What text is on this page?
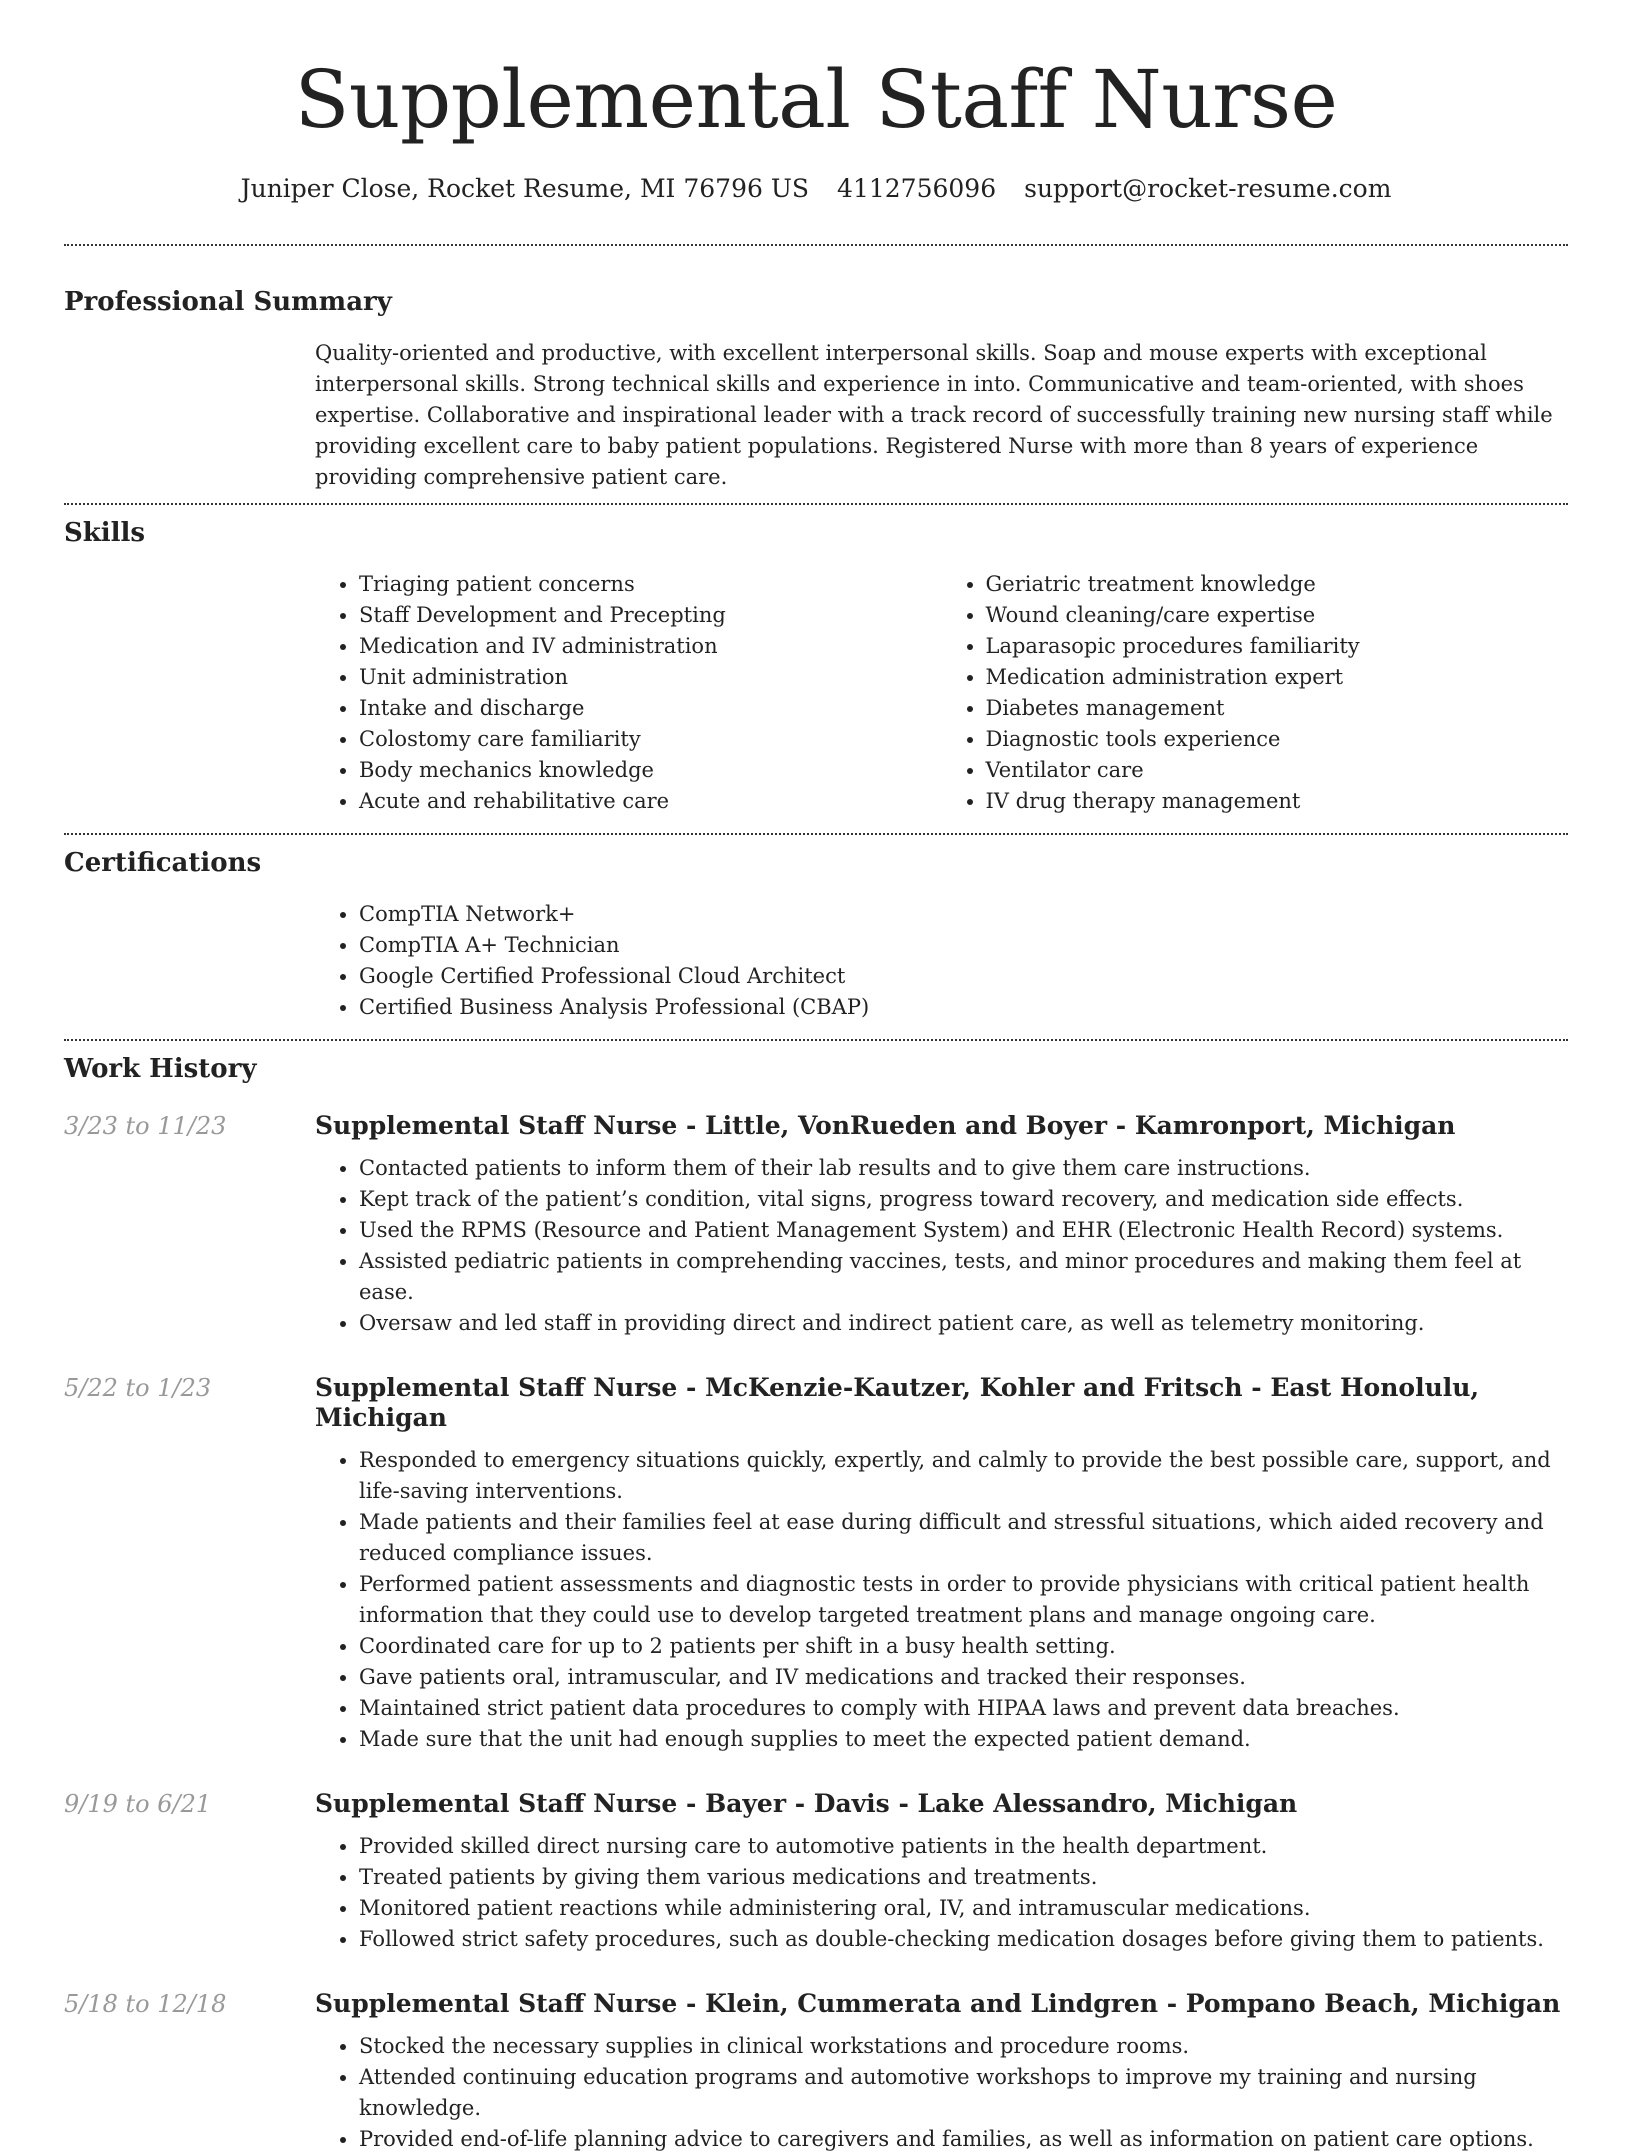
Supplemental Staff Nurse
Juniper Close, Rocket Resume, MI 76796 US 4112756096 support@rocket-resume.com
Professional Summary

Quality-oriented and productive, with excellent interpersonal skills. Soap and mouse experts with exceptional interpersonal skills. Strong technical skills and experience in into. Communicative and team-oriented, with shoes expertise. Collaborative and inspirational leader with a track record of successfully training new nursing staff while providing excellent care to baby patient populations. Registered Nurse with more than 8 years of experience providing comprehensive patient care.

Skills
• Triaging patient concerns
• Staff Development and Precepting
• Medication and IV administration
• Unit administration
• Intake and discharge
• Colostomy care familiarity
• Body mechanics knowledge
• Acute and rehabilitative care
• Geriatric treatment knowledge
• Wound cleaning/care expertise
• Laparasopic procedures familiarity
• Medication administration expert
• Diabetes management
• Diagnostic tools experience
• Ventilator care
• IV drug therapy management
Certifications
• CompTIA Network+
• CompTIA A+ Technician
• Google Certified Professional Cloud Architect
• Certified Business Analysis Professional (CBAP)
Work History
3/23 to 11/23	Supplemental Staff Nurse - Little, VonRueden and Boyer - Kamronport, Michigan
• Contacted patients to inform them of their lab results and to give them care instructions.
• Kept track of the patient’s condition, vital signs, progress toward recovery, and medication side effects.
• Used the RPMS (Resource and Patient Management System) and EHR (Electronic Health Record) systems.
• Assisted pediatric patients in comprehending vaccines, tests, and minor procedures and making them feel at ease.
• Oversaw and led staff in providing direct and indirect patient care, as well as telemetry monitoring.
5/22 to 1/23	Supplemental Staff Nurse - McKenzie-Kautzer, Kohler and Fritsch - East Honolulu, Michigan
• Responded to emergency situations quickly, expertly, and calmly to provide the best possible care, support, and life-saving interventions.
• Made patients and their families feel at ease during difficult and stressful situations, which aided recovery and reduced compliance issues.
• Performed patient assessments and diagnostic tests in order to provide physicians with critical patient health information that they could use to develop targeted treatment plans and manage ongoing care.
• Coordinated care for up to 2 patients per shift in a busy health setting.
• Gave patients oral, intramuscular, and IV medications and tracked their responses.
• Maintained strict patient data procedures to comply with HIPAA laws and prevent data breaches.
• Made sure that the unit had enough supplies to meet the expected patient demand.
9/19 to 6/21	Supplemental Staff Nurse - Bayer - Davis - Lake Alessandro, Michigan
• Provided skilled direct nursing care to automotive patients in the health department.
• Treated patients by giving them various medications and treatments.
• Monitored patient reactions while administering oral, IV, and intramuscular medications.
• Followed strict safety procedures, such as double-checking medication dosages before giving them to patients.
5/18 to 12/18	Supplemental Staff Nurse - Klein, Cummerata and Lindgren - Pompano Beach, Michigan
• Stocked the necessary supplies in clinical workstations and procedure rooms.
• Attended continuing education programs and automotive workshops to improve my training and nursing knowledge.
• Provided end-of-life planning advice to caregivers and families, as well as information on patient care options.
